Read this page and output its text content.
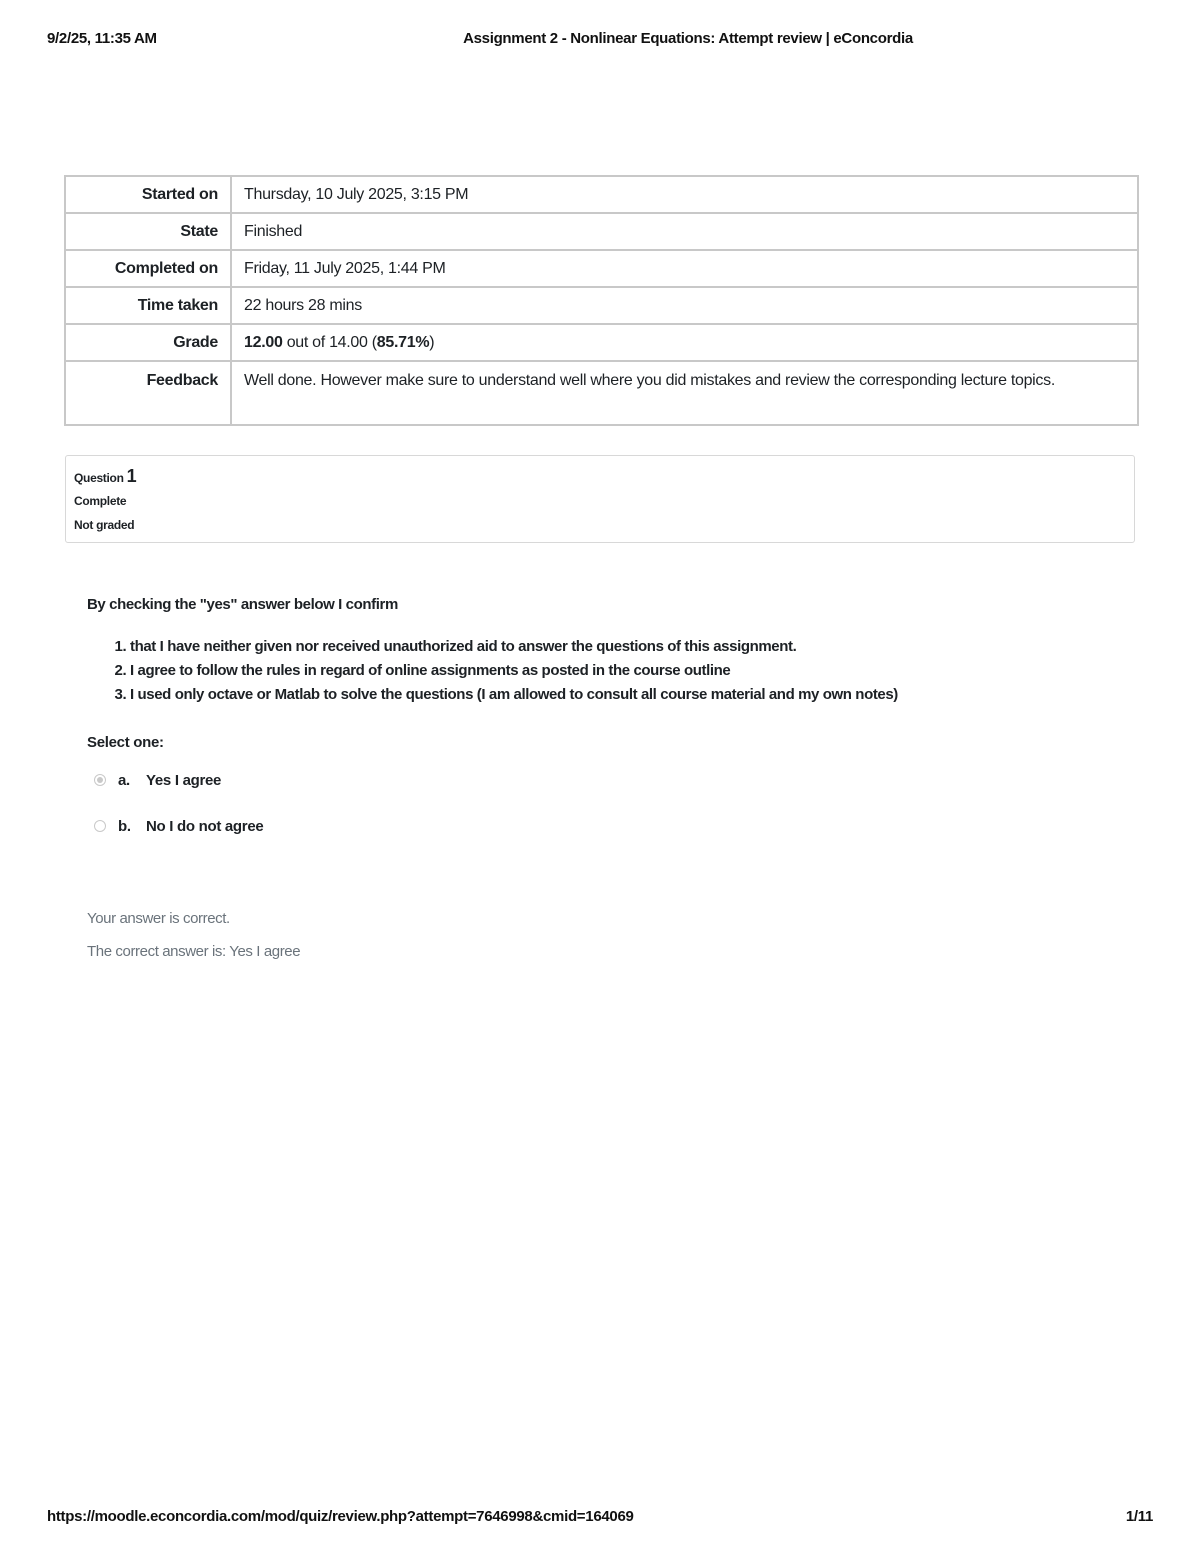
9/2/25, 11:35 AM	Assignment 2 - Nonlinear Equations: Attempt review | eConcordia
Started on	Thursday, 10 July 2025, 3:15 PM
State	Finished
Completed on	Friday, 11 July 2025, 1:44 PM
Time taken	22 hours 28 mins
Grade	12.00 out of 14.00 (85.71%)
Feedback	Well done. However make sure to understand well where you did mistakes and review the corresponding lecture topics.
Question 1
Complete
Not graded

By checking the "yes" answer below I confirm

1. that I have neither given nor received unauthorized aid to answer the questions of this assignment.
2. I agree to follow the rules in regard of online assignments as posted in the course outline
3. I used only octave or Matlab to solve the questions (I am allowed to consult all course material and my own notes)
Select one:
a.	Yes I agree
b.	No I do not agree
Your answer is correct.
The correct answer is: Yes I agree
https://moodle.econcordia.com/mod/quiz/review.php?attempt=7646998&cmid=164069	1/11
